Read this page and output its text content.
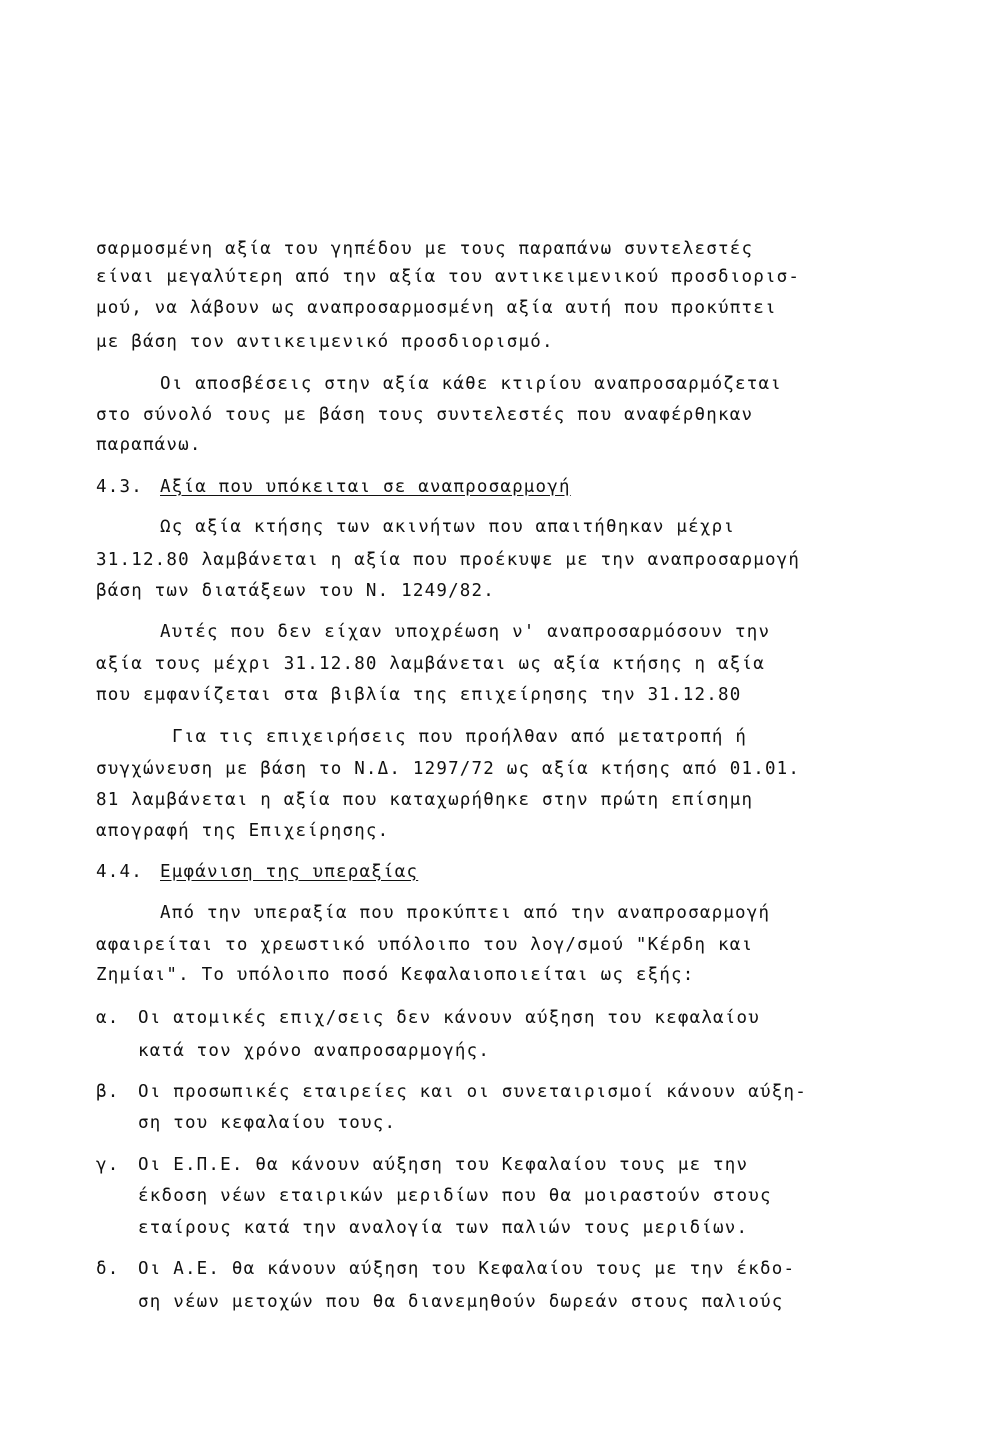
σαρμοσμένη αξία του γηπέδου με τους παραπάνω συντελεστές
είναι μεγαλύτερη από την αξία του αντικειμενικού προσδιορισ-
μού, να λάβουν ως αναπροσαρμοσμένη αξία αυτή που προκύπτει
με βάση τον αντικειμενικό προσδιορισμό.
Οι αποσβέσεις στην αξία κάθε κτιρίου αναπροσαρμόζεται
στο σύνολό τους με βάση τους συντελεστές που αναφέρθηκαν
παραπάνω.
4.3. Αξία που υπόκειται σε αναπροσαρμογή
Ως αξία κτήσης των ακινήτων που απαιτήθηκαν μέχρι
31.12.80 λαμβάνεται η αξία που προέκυψε με την αναπροσαρμογή
βάση των διατάξεων του Ν. 1249/82.
Αυτές που δεν είχαν υποχρέωση ν' αναπροσαρμόσουν την
αξία τους μέχρι 31.12.80 λαμβάνεται ως αξία κτήσης η αξία
που εμφανίζεται στα βιβλία της επιχείρησης την 31.12.80
Για τις επιχειρήσεις που προήλθαν από μετατροπή ή
συγχώνευση με βάση το Ν.Δ. 1297/72 ως αξία κτήσης από 01.01.
81 λαμβάνεται η αξία που καταχωρήθηκε στην πρώτη επίσημη
απογραφή της Επιχείρησης.
4.4. Εμφάνιση της υπεραξίας
Από την υπεραξία που προκύπτει από την αναπροσαρμογή
αφαιρείται το χρεωστικό υπόλοιπο του λογ/σμού "Κέρδη και
Ζημίαι". Το υπόλοιπο ποσό Κεφαλαιοποιείται ως εξής:
α. Οι ατομικές επιχ/σεις δεν κάνουν αύξηση του κεφαλαίου
κατά τον χρόνο αναπροσαρμογής.
β. Οι προσωπικές εταιρείες και οι συνεταιρισμοί κάνουν αύξη-
ση του κεφαλαίου τους.
γ. Οι Ε.Π.Ε. θα κάνουν αύξηση του Κεφαλαίου τους με την
έκδοση νέων εταιρικών μεριδίων που θα μοιραστούν στους
εταίρους κατά την αναλογία των παλιών τους μεριδίων.
δ. Οι Α.Ε. θα κάνουν αύξηση του Κεφαλαίου τους με την έκδο-
ση νέων μετοχών που θα διανεμηθούν δωρεάν στους παλιούς
